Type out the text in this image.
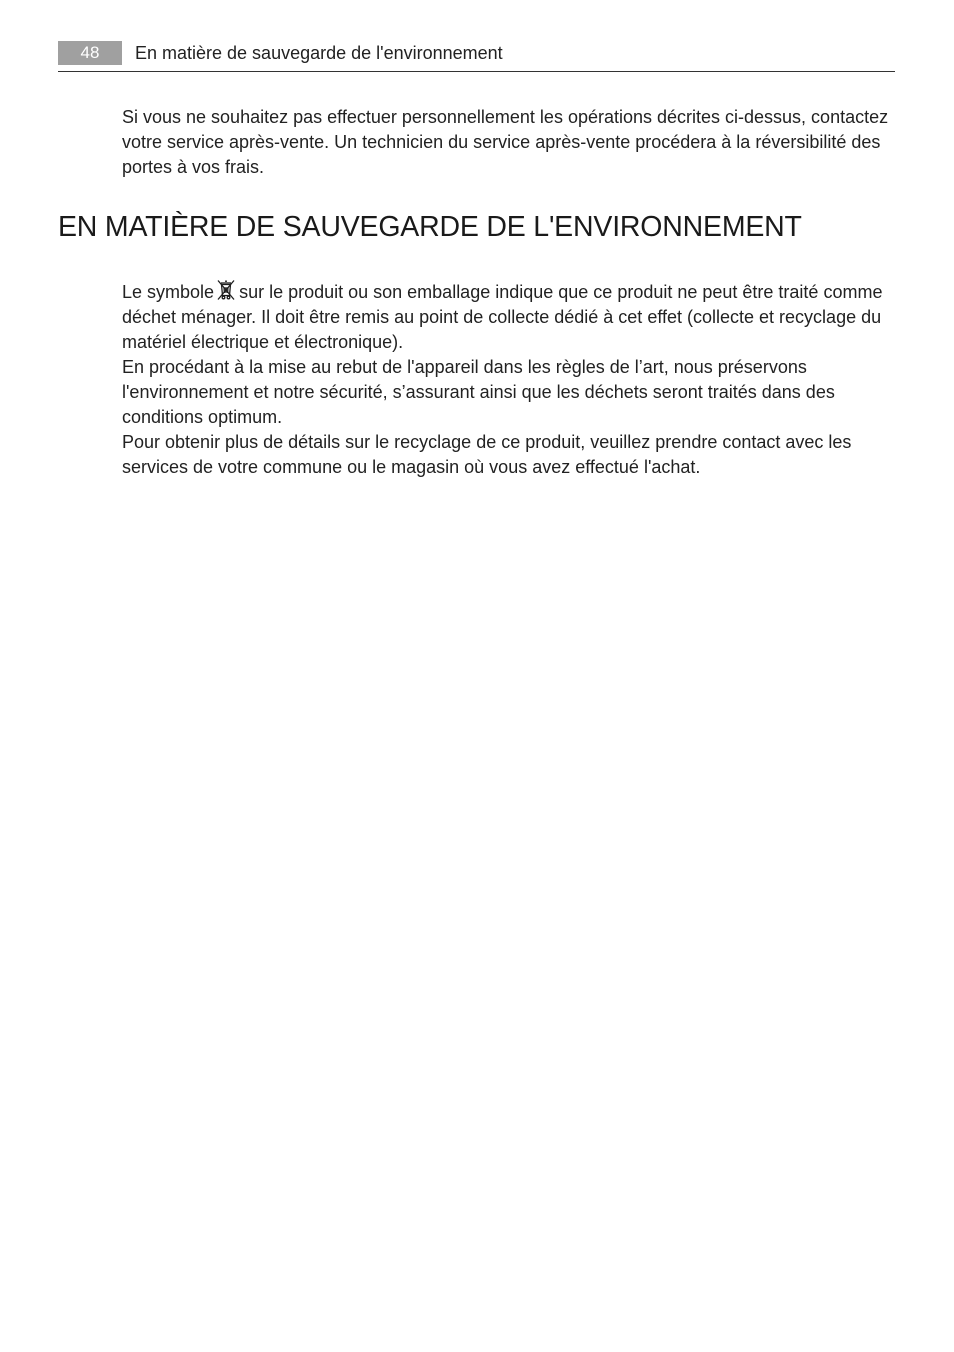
48	En matière de sauvegarde de l'environnement

Si vous ne souhaitez pas effectuer personnellement les opérations décrites ci-dessus, contactez votre service après-vente. Un technicien du service après-vente procédera à la réversibilité des portes à vos frais.

EN MATIÈRE DE SAUVEGARDE DE L'ENVIRONNEMENT

Le symbole sur le produit ou son emballage indique que ce produit ne peut être traité comme déchet ménager. Il doit être remis au point de collecte dédié à cet effet (collecte et recyclage du matériel électrique et électronique).

En procédant à la mise au rebut de l'appareil dans les règles de l’art, nous préservons l'environnement et notre sécurité, s’assurant ainsi que les déchets seront traités dans des conditions optimum.

Pour obtenir plus de détails sur le recyclage de ce produit, veuillez prendre contact avec les services de votre commune ou le magasin où vous avez effectué l'achat.
